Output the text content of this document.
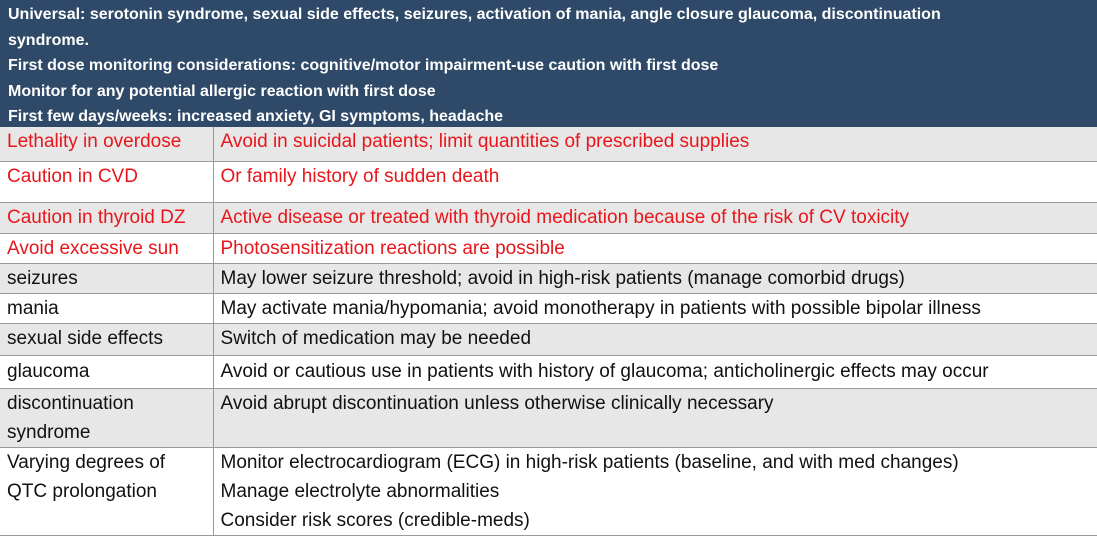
Universal: serotonin syndrome, sexual side effects, seizures, activation of mania, angle closure glaucoma, discontinuation
syndrome.
First dose monitoring considerations: cognitive/motor impairment-use caution with first dose
Monitor for any potential allergic reaction with first dose
First few days/weeks: increased anxiety, GI symptoms, headache
Lethality in overdose	Avoid in suicidal patients; limit quantities of prescribed supplies

Caution in CVD	Or family history of sudden death

Caution in thyroid DZ	Active disease or treated with thyroid medication because of the risk of CV toxicity

Avoid excessive sun	Photosensitization reactions are possible

seizures	May lower seizure threshold; avoid in high-risk patients (manage comorbid drugs)

mania	May activate mania/hypomania; avoid monotherapy in patients with possible bipolar illness

sexual side effects	Switch of medication may be needed

glaucoma	Avoid or cautious use in patients with history of glaucoma; anticholinergic effects may occur

discontinuation
syndrome	Avoid abrupt discontinuation unless otherwise clinically necessary

Varying degrees of
QTC prolongation	Monitor electrocardiogram (ECG) in high-risk patients (baseline, and with med changes)
Manage electrolyte abnormalities
Consider risk scores (credible-meds)
